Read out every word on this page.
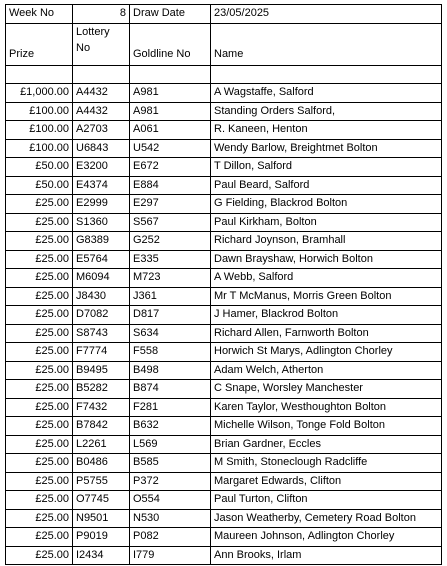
Week No	8	Draw Date	23/05/2025
Prize	Lottery No	Goldline No	Name

£1,000.00	A4432	A981	A Wagstaffe, Salford
£100.00	A4432	A981	Standing Orders Salford,
£100.00	A2703	A061	R. Kaneen, Henton
£100.00	U6843	U542	Wendy Barlow, Breightmet Bolton
£50.00	E3200	E672	T Dillon, Salford
£50.00	E4374	E884	Paul Beard, Salford
£25.00	E2999	E297	G Fielding, Blackrod Bolton
£25.00	S1360	S567	Paul Kirkham, Bolton
£25.00	G8389	G252	Richard Joynson, Bramhall
£25.00	E5764	E335	Dawn Brayshaw, Horwich Bolton
£25.00	M6094	M723	A Webb, Salford
£25.00	J8430	J361	Mr T McManus, Morris Green Bolton
£25.00	D7082	D817	J Hamer, Blackrod Bolton
£25.00	S8743	S634	Richard Allen, Farnworth Bolton
£25.00	F7774	F558	Horwich St Marys, Adlington Chorley
£25.00	B9495	B498	Adam Welch, Atherton
£25.00	B5282	B874	C Snape, Worsley Manchester
£25.00	F7432	F281	Karen Taylor, Westhoughton Bolton
£25.00	B7842	B632	Michelle Wilson, Tonge Fold Bolton
£25.00	L2261	L569	Brian Gardner, Eccles
£25.00	B0486	B585	M Smith, Stoneclough Radcliffe
£25.00	P5755	P372	Margaret Edwards, Clifton
£25.00	O7745	O554	Paul Turton, Clifton
£25.00	N9501	N530	Jason Weatherby, Cemetery Road Bolton
£25.00	P9019	P082	Maureen Johnson, Adlington Chorley
£25.00	I2434	I779	Ann Brooks, Irlam
